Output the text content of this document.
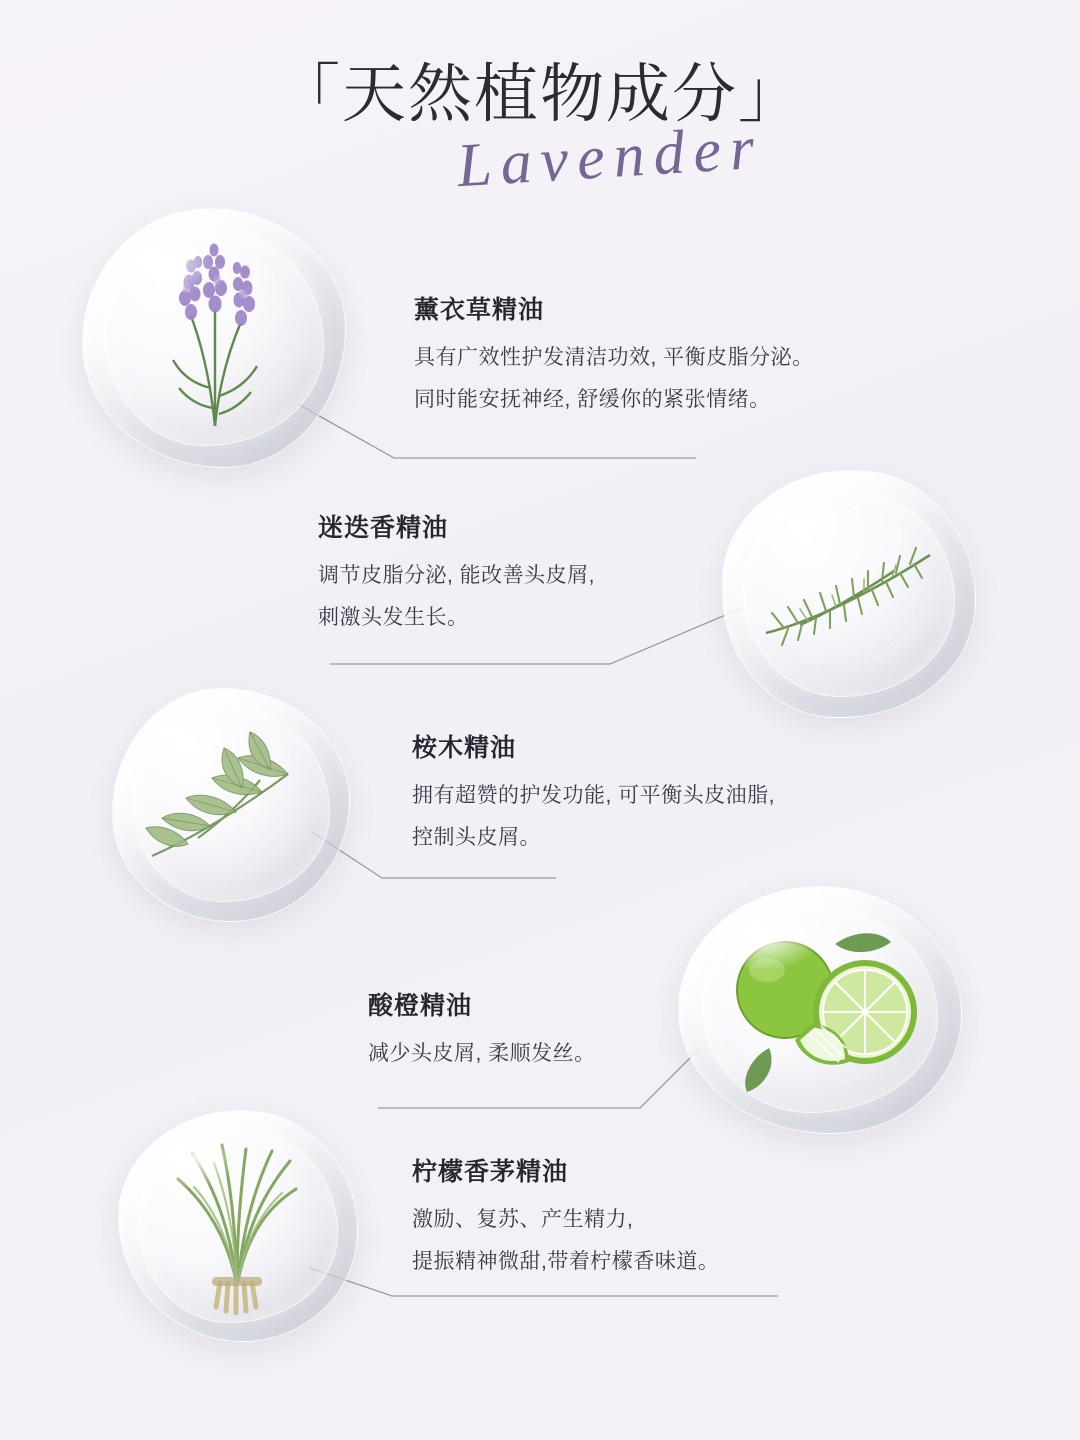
「天然植物成分」
Lavender
薰衣草精油

具有广效性护发清洁功效, 平衡皮脂分泌。

同时能安抚神经, 舒缓你的紧张情绪。

迷迭香精油

调节皮脂分泌, 能改善头皮屑,

刺激头发生长。

桉木精油

拥有超赞的护发功能, 可平衡头皮油脂,

控制头皮屑。

酸橙精油

减少头皮屑, 柔顺发丝。

柠檬香茅精油

激励、复苏、产生精力,

提振精神微甜,带着柠檬香味道。
